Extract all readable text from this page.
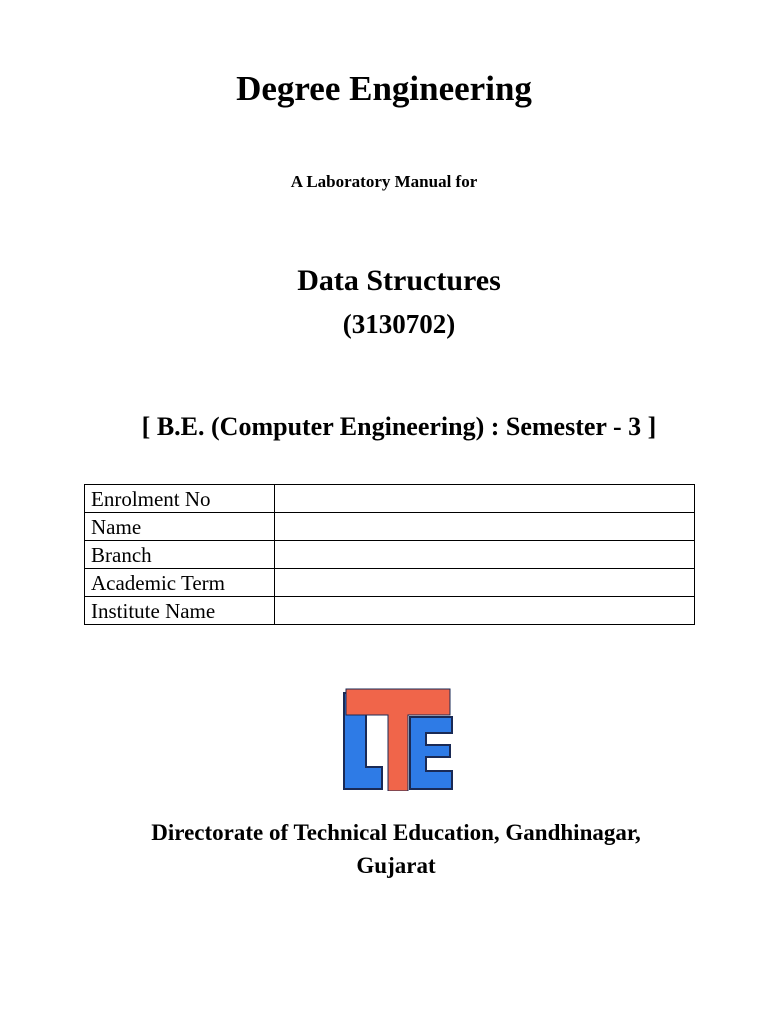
Degree Engineering
A Laboratory Manual for
Data Structures
(3130702)
[ B.E. (Computer Engineering) : Semester - 3 ]
Enrolment No	
Name	
Branch	
Academic Term	
Institute Name	
Directorate of Technical Education, Gandhinagar, Gujarat
